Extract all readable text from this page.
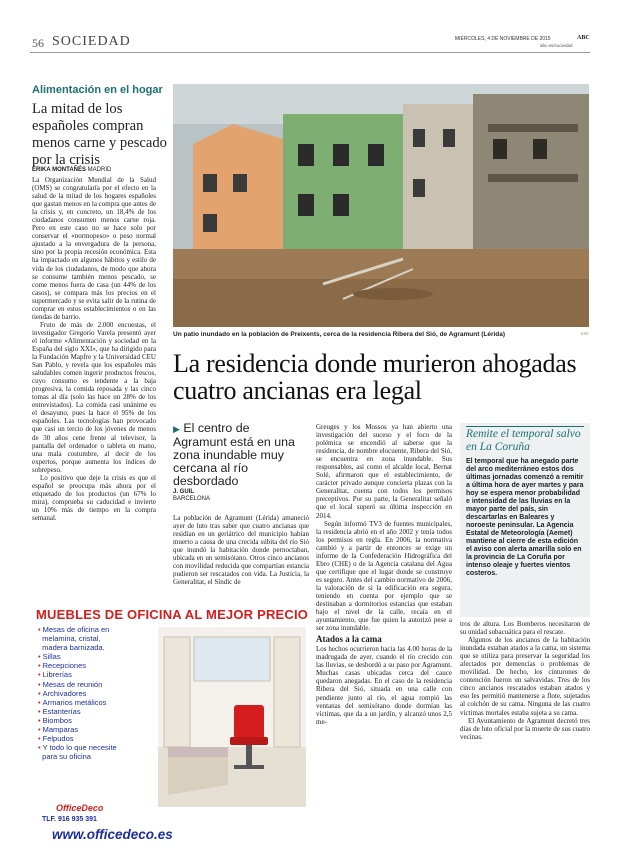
56 SOCIEDAD	MIÉRCOLES, 4 DE NOVIEMBRE DE 2015	ABC
abc.es/sociedad
Alimentación en el hogar
La mitad de los españoles compran menos carne y pescado por la crisis
ÉRIKA MONTAÑÉS MADRID

La Organización Mundial de la Salud (OMS) se congratularía por el efecto en la salud de la mitad de los hogares españoles que gastan menos en la compra que antes de la crisis y, en concreto, un 18,4% de los ciudadanos consumen menos carne roja. Pero en este caso no se hace solo por conservar el «normopeso» o peso normal ajustado a la envergadura de la persona, sino por la propia recesión económica. Esta ha impactado en algunos hábitos y estilo de vida de los ciudadanos, de modo que ahora se consume también menos pescado, se come menos fuera de casa (un 44% de los casos), se compara más los precios en el supermercado y se evita salir de la rutina de comprar en estos establecimientos o en las tiendas de barrio.

Fruto de más de 2.000 encuestas, el investigador Gregorio Varela presentó ayer el informe «Alimentación y sociedad en la España del siglo XXI», que ha dirigido para la Fundación Mapfre y la Universidad CEU San Pablo, y revela que los españoles más saludables comen ingerir productos frescos, cuyo consumo es tendente a la baja progresiva, la comida reposada y las cinco tomas al día (solo las hace un 28% de los entrevistados). La comida casi unánime es el desayuno, pues la hace el 95% de los españoles. Las tecnologías han provocado que casi un tercio de los jóvenes de menos de 30 años cene frente al televisor, la pantalla del ordenador o tableta en mano, una mala costumbre, al decir de los expertos, porque aumenta los índices de sobrepeso.

Lo positivo que deje la crisis es que el español se preocupa más ahora por el etiquetado de los productos (un 67% lo mira), comprueba su caducidad e invierte un 10% más de tiempo en la compra semanal.

Un patio inundado en la población de Preixents, cerca de la residencia Ribera del Sió, de Agramunt (Lérida)	EFE
La residencia donde murieron ahogadas cuatro ancianas era legal
▶ El centro de Agramunt está en una zona inundable muy cercana al río desbordado
J. GUIL
BARCELONA

La población de Agramunt (Lérida) amaneció ayer de luto tras saber que cuatro ancianas que residían en un geriátrico del municipio habían muerto a causa de una crecida súbita del río Sió que inundó la habitación donde pernoctaban, ubicada en un semisótano. Otros cinco ancianos con movilidad reducida que compartían estancia pudieron ser rescatados con vida. La Justicia, la Generalitat, el Síndic de

Greuges y los Mossos ya han abierto una investigación del suceso y el foco de la polémica se encendió al saberse que la residencia, de nombre elocuente, Ribera del Sió, se encuentra en zona inundable. Sus responsables, así como el alcalde local, Bernat Solé, afirmaron que el establecimiento, de carácter privado aunque concierta plazas con la Generalitat, cuenta con todos los permisos preceptivos. Por su parte, la Generalitat señaló que el local superó su última inspección en 2014.

Según informó TV3 de fuentes municipales, la residencia abrió en el año 2002 y tenía todos los permisos en regla. En 2006, la normativa cambió y a partir de entonces se exige un informe de la Confederación Hidrográfica del Ebro (CHE) o de la Agencia catalana del Agua que certifique que el lugar donde se construye es seguro. Antes del cambio normativo de 2006, la valoración de si la edificación era segura, teniendo en cuenta por ejemplo que se destinaban a dormitorios estancias que estaban bajo el nivel de la calle, recaía en el ayuntamiento, que fue quien la autorizó pese a ser zona inundable.

Atados a la cama

Los hechos ocurrieron hacia las 4.00 horas de la madrugada de ayer, cuando el río crecido con las lluvias, se desbordó a su paso por Agramunt. Muchas casas ubicadas cerca del cauce quedaron anegadas. En el caso de la residencia Ribera del Sió, situada en una calle con pendiente junto al río, el agua rompió las ventanas del semisótano donde dormían las víctimas, que da a un jardín, y alcanzó unos 2,5 me-

tros de altura. Los Bomberos necesitaron de su unidad subacuática para el rescate.

Algunos de los ancianos de la habitación inundada estaban atados a la cama, un sistema que se utiliza para preservar la seguridad los afectados por demencias o problemas de movilidad. De hecho, los cinturones de contención fueron un salvavidas. Tres de los cinco ancianos rescatados estaban atados y eso les permitió mantenerse a flote, sujetados al colchón de su cama. Ninguna de las cuatro víctimas mortales estaba sujeta a su cama.

El Ayuntamiento de Agramunt decretó tres días de luto oficial por la muerte de sus cuatro vecinas.

Remite el temporal salvo en La Coruña
El temporal que ha anegado parte del arco mediterráneo estos dos últimas jornadas comenzó a remitir a última hora de ayer martes y para hoy se espera menor probabilidad e intensidad de las lluvias en la mayor parte del país, sin descartarlas en Baleares y noroeste peninsular. La Agencia Estatal de Meteorología (Aemet) mantiene al cierre de esta edición el aviso con alerta amarilla solo en la provincia de La Coruña por intenso oleaje y fuertes vientos costeros.
MUEBLES DE OFICINA AL MEJOR PRECIO
• Mesas de oficina en
melamina, cristal,
madera barnizada.
• Sillas
• Recepciones
• Librerías
• Mesas de reunión
• Archivadores
• Armarios metálicos
• Estanterías
• Biombos
• Mamparas
• Felpudos
• Y todo lo que necesite
para su oficina
OfficeDeco
TLF. 916 935 391
www.officedeco.es
